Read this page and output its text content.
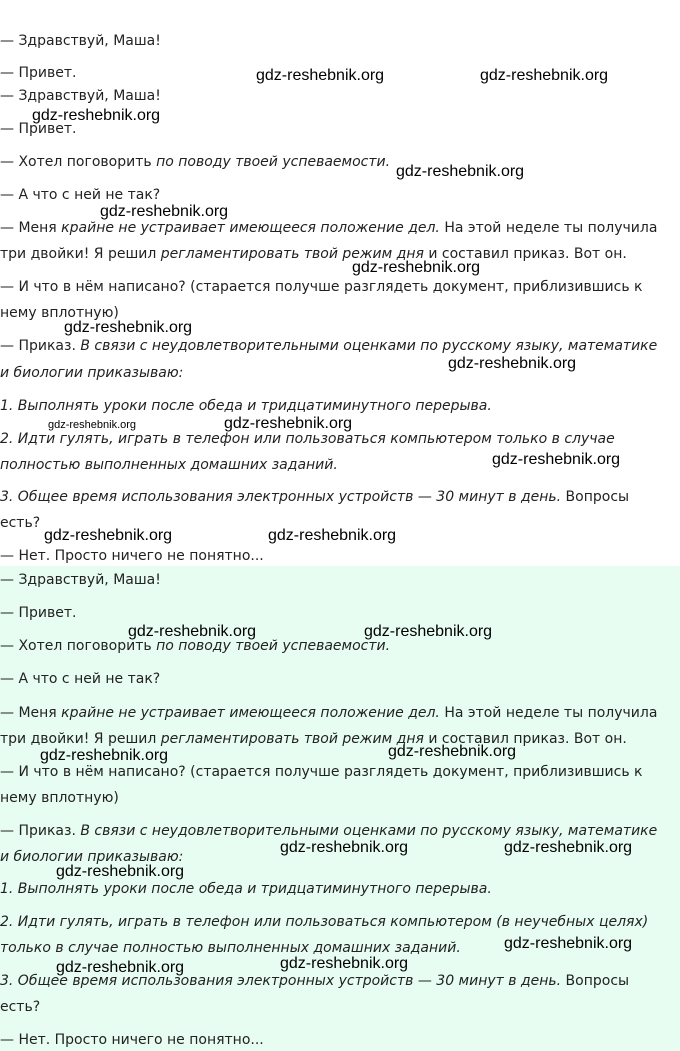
— Здравствуй, Маша!
— Привет.
— Здравствуй, Маша!
— Привет.
— Хотел поговорить по поводу твоей успеваемости.
— А что с ней не так?
— Меня крайне не устраивает имеющееся положение дел. На этой неделе ты получила
три двойки! Я решил регламентировать твой режим дня и составил приказ. Вот он.
— И что в нём написано? (старается получше разглядеть документ, приблизившись к
нему вплотную)
— Приказ. В связи с неудовлетворительными оценками по русскому языку, математике
и биологии приказываю:
1. Выполнять уроки после обеда и тридцатиминутного перерыва.
2. Идти гулять, играть в телефон или пользоваться компьютером только в случае
полностью выполненных домашних заданий.
3. Общее время использования электронных устройств — 30 минут в день. Вопросы
есть?
— Нет. Просто ничего не понятно...
— Здравствуй, Маша!
— Привет.
— Хотел поговорить по поводу твоей успеваемости.
— А что с ней не так?
— Меня крайне не устраивает имеющееся положение дел. На этой неделе ты получила
три двойки! Я решил регламентировать твой режим дня и составил приказ. Вот он.
— И что в нём написано? (старается получше разглядеть документ, приблизившись к
нему вплотную)
— Приказ. В связи с неудовлетворительными оценками по русскому языку, математике
и биологии приказываю:
1. Выполнять уроки после обеда и тридцатиминутного перерыва.
2. Идти гулять, играть в телефон или пользоваться компьютером (в неучебных целях)
только в случае полностью выполненных домашних заданий.
3. Общее время использования электронных устройств — 30 минут в день. Вопросы
есть?
— Нет. Просто ничего не понятно...
gdz-reshebnik.org	gdz-reshebnik.org
gdz-reshebnik.org
gdz-reshebnik.org
gdz-reshebnik.org
gdz-reshebnik.org
gdz-reshebnik.org
gdz-reshebnik.org
gdz-reshebnik.org	gdz-reshebnik.org
gdz-reshebnik.org
gdz-reshebnik.org	gdz-reshebnik.org
gdz-reshebnik.org	gdz-reshebnik.org
gdz-reshebnik.org	gdz-reshebnik.org
gdz-reshebnik.org	gdz-reshebnik.org
gdz-reshebnik.org
gdz-reshebnik.org
gdz-reshebnik.org	gdz-reshebnik.org
